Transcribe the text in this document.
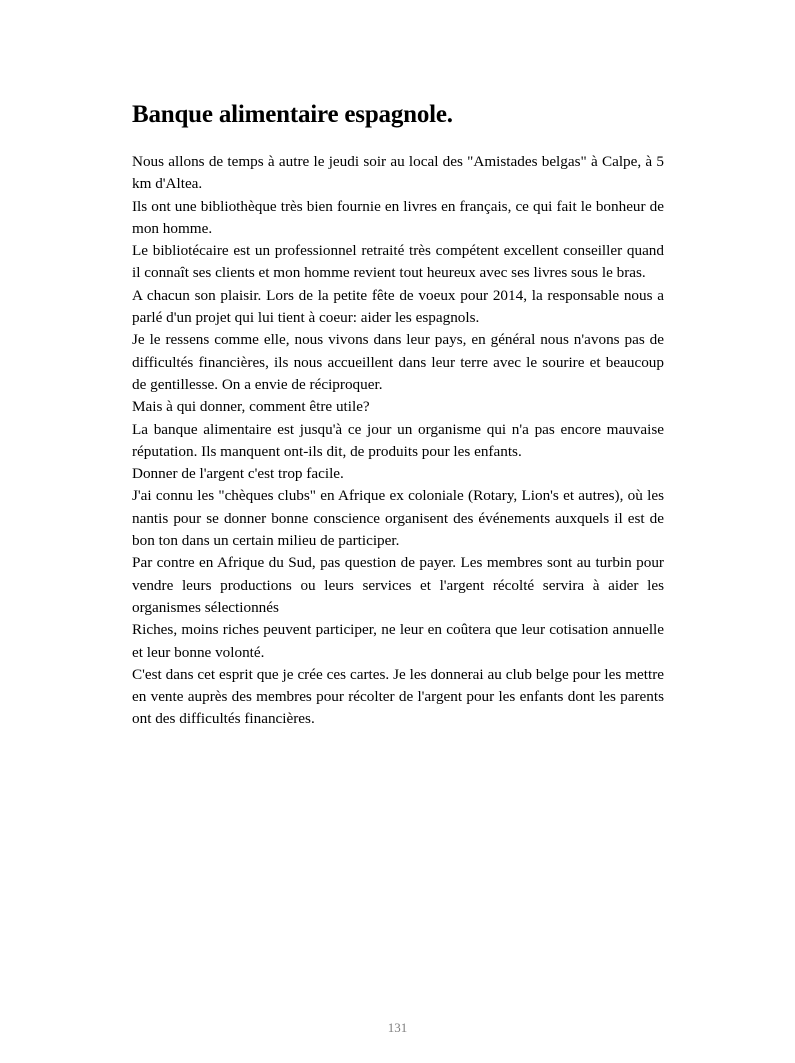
Banque alimentaire espagnole.

Nous allons de temps à autre le jeudi soir au local des "Amistades belgas" à Calpe, à 5 km d'Altea.

Ils ont une bibliothèque très bien fournie en livres en français, ce qui fait le bonheur de mon homme.

Le bibliotécaire est un professionnel retraité très compétent excellent conseiller quand il connaît ses clients et mon homme revient tout heureux avec ses livres sous le bras.

A chacun son plaisir. Lors de la petite fête de voeux pour 2014, la responsable nous a parlé d'un projet qui lui tient à coeur: aider les espagnols.

Je le ressens comme elle, nous vivons dans leur pays, en général nous n'avons pas de difficultés financières, ils nous accueillent dans leur terre avec le sourire et beaucoup de gentillesse. On a envie de réciproquer.

Mais à qui donner, comment être utile?

La banque alimentaire est jusqu'à ce jour un organisme qui n'a pas encore mauvaise réputation. Ils manquent ont-ils dit, de produits pour les enfants.

Donner de l'argent c'est trop facile.

J'ai connu les "chèques clubs" en Afrique ex coloniale (Rotary, Lion's et autres), où les nantis pour se donner bonne conscience organisent des événements auxquels il est de bon ton dans un certain milieu de participer.

Par contre en Afrique du Sud, pas question de payer. Les membres sont au turbin pour vendre leurs productions ou leurs services et l'argent récolté servira à aider les organismes sélectionnés

Riches, moins riches peuvent participer, ne leur en coûtera que leur cotisation annuelle et leur bonne volonté.

C'est dans cet esprit que je crée ces cartes. Je les donnerai au club belge pour les mettre en vente auprès des membres pour récolter de l'argent pour les enfants dont les parents ont des difficultés financières.

131
